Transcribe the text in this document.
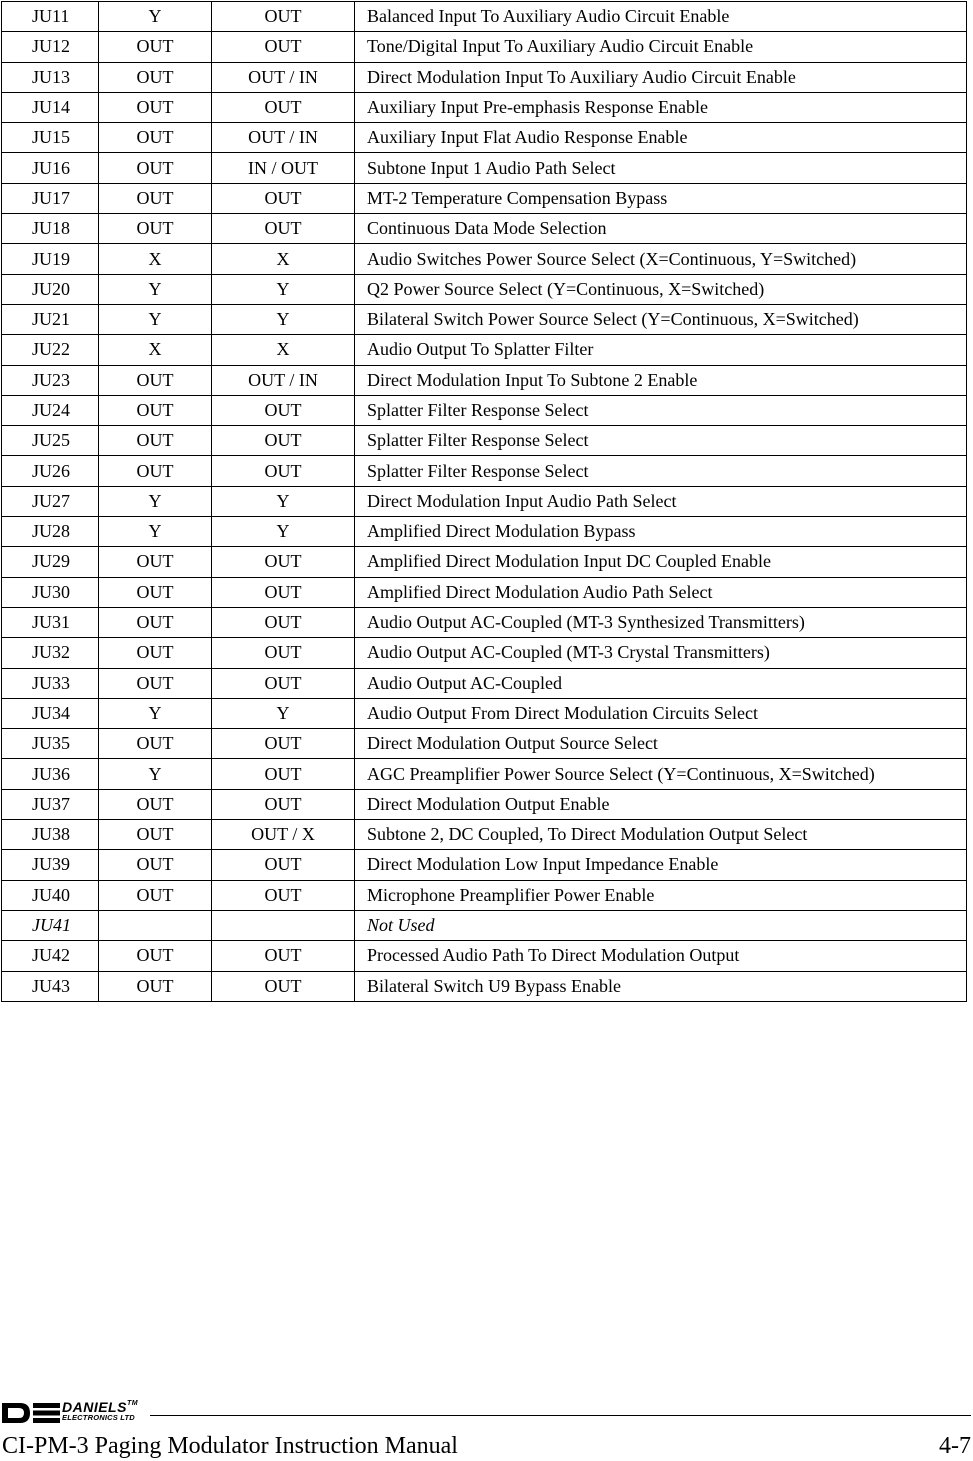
JU11	Y	OUT	Balanced Input To Auxiliary Audio Circuit Enable
JU12	OUT	OUT	Tone/Digital Input To Auxiliary Audio Circuit Enable
JU13	OUT	OUT / IN	Direct Modulation Input To Auxiliary Audio Circuit Enable
JU14	OUT	OUT	Auxiliary Input Pre-emphasis Response Enable
JU15	OUT	OUT / IN	Auxiliary Input Flat Audio Response Enable
JU16	OUT	IN / OUT	Subtone Input 1 Audio Path Select
JU17	OUT	OUT	MT-2 Temperature Compensation Bypass
JU18	OUT	OUT	Continuous Data Mode Selection
JU19	X	X	Audio Switches Power Source Select (X=Continuous, Y=Switched)
JU20	Y	Y	Q2 Power Source Select (Y=Continuous, X=Switched)
JU21	Y	Y	Bilateral Switch Power Source Select (Y=Continuous, X=Switched)
JU22	X	X	Audio Output To Splatter Filter
JU23	OUT	OUT / IN	Direct Modulation Input To Subtone 2 Enable
JU24	OUT	OUT	Splatter Filter Response Select
JU25	OUT	OUT	Splatter Filter Response Select
JU26	OUT	OUT	Splatter Filter Response Select
JU27	Y	Y	Direct Modulation Input Audio Path Select
JU28	Y	Y	Amplified Direct Modulation Bypass
JU29	OUT	OUT	Amplified Direct Modulation Input DC Coupled Enable
JU30	OUT	OUT	Amplified Direct Modulation Audio Path Select
JU31	OUT	OUT	Audio Output AC-Coupled (MT-3 Synthesized Transmitters)
JU32	OUT	OUT	Audio Output AC-Coupled (MT-3 Crystal Transmitters)
JU33	OUT	OUT	Audio Output AC-Coupled
JU34	Y	Y	Audio Output From Direct Modulation Circuits Select
JU35	OUT	OUT	Direct Modulation Output Source Select
JU36	Y	OUT	AGC Preamplifier Power Source Select (Y=Continuous, X=Switched)
JU37	OUT	OUT	Direct Modulation Output Enable
JU38	OUT	OUT / X	Subtone 2, DC Coupled, To Direct Modulation Output Select
JU39	OUT	OUT	Direct Modulation Low Input Impedance Enable
JU40	OUT	OUT	Microphone Preamplifier Power Enable
JU41			Not Used
JU42	OUT	OUT	Processed Audio Path To Direct Modulation Output
JU43	OUT	OUT	Bilateral Switch U9 Bypass Enable
DANIELS™
ELECTRONICS LTD
CI-PM-3 Paging Modulator Instruction Manual	4-7
